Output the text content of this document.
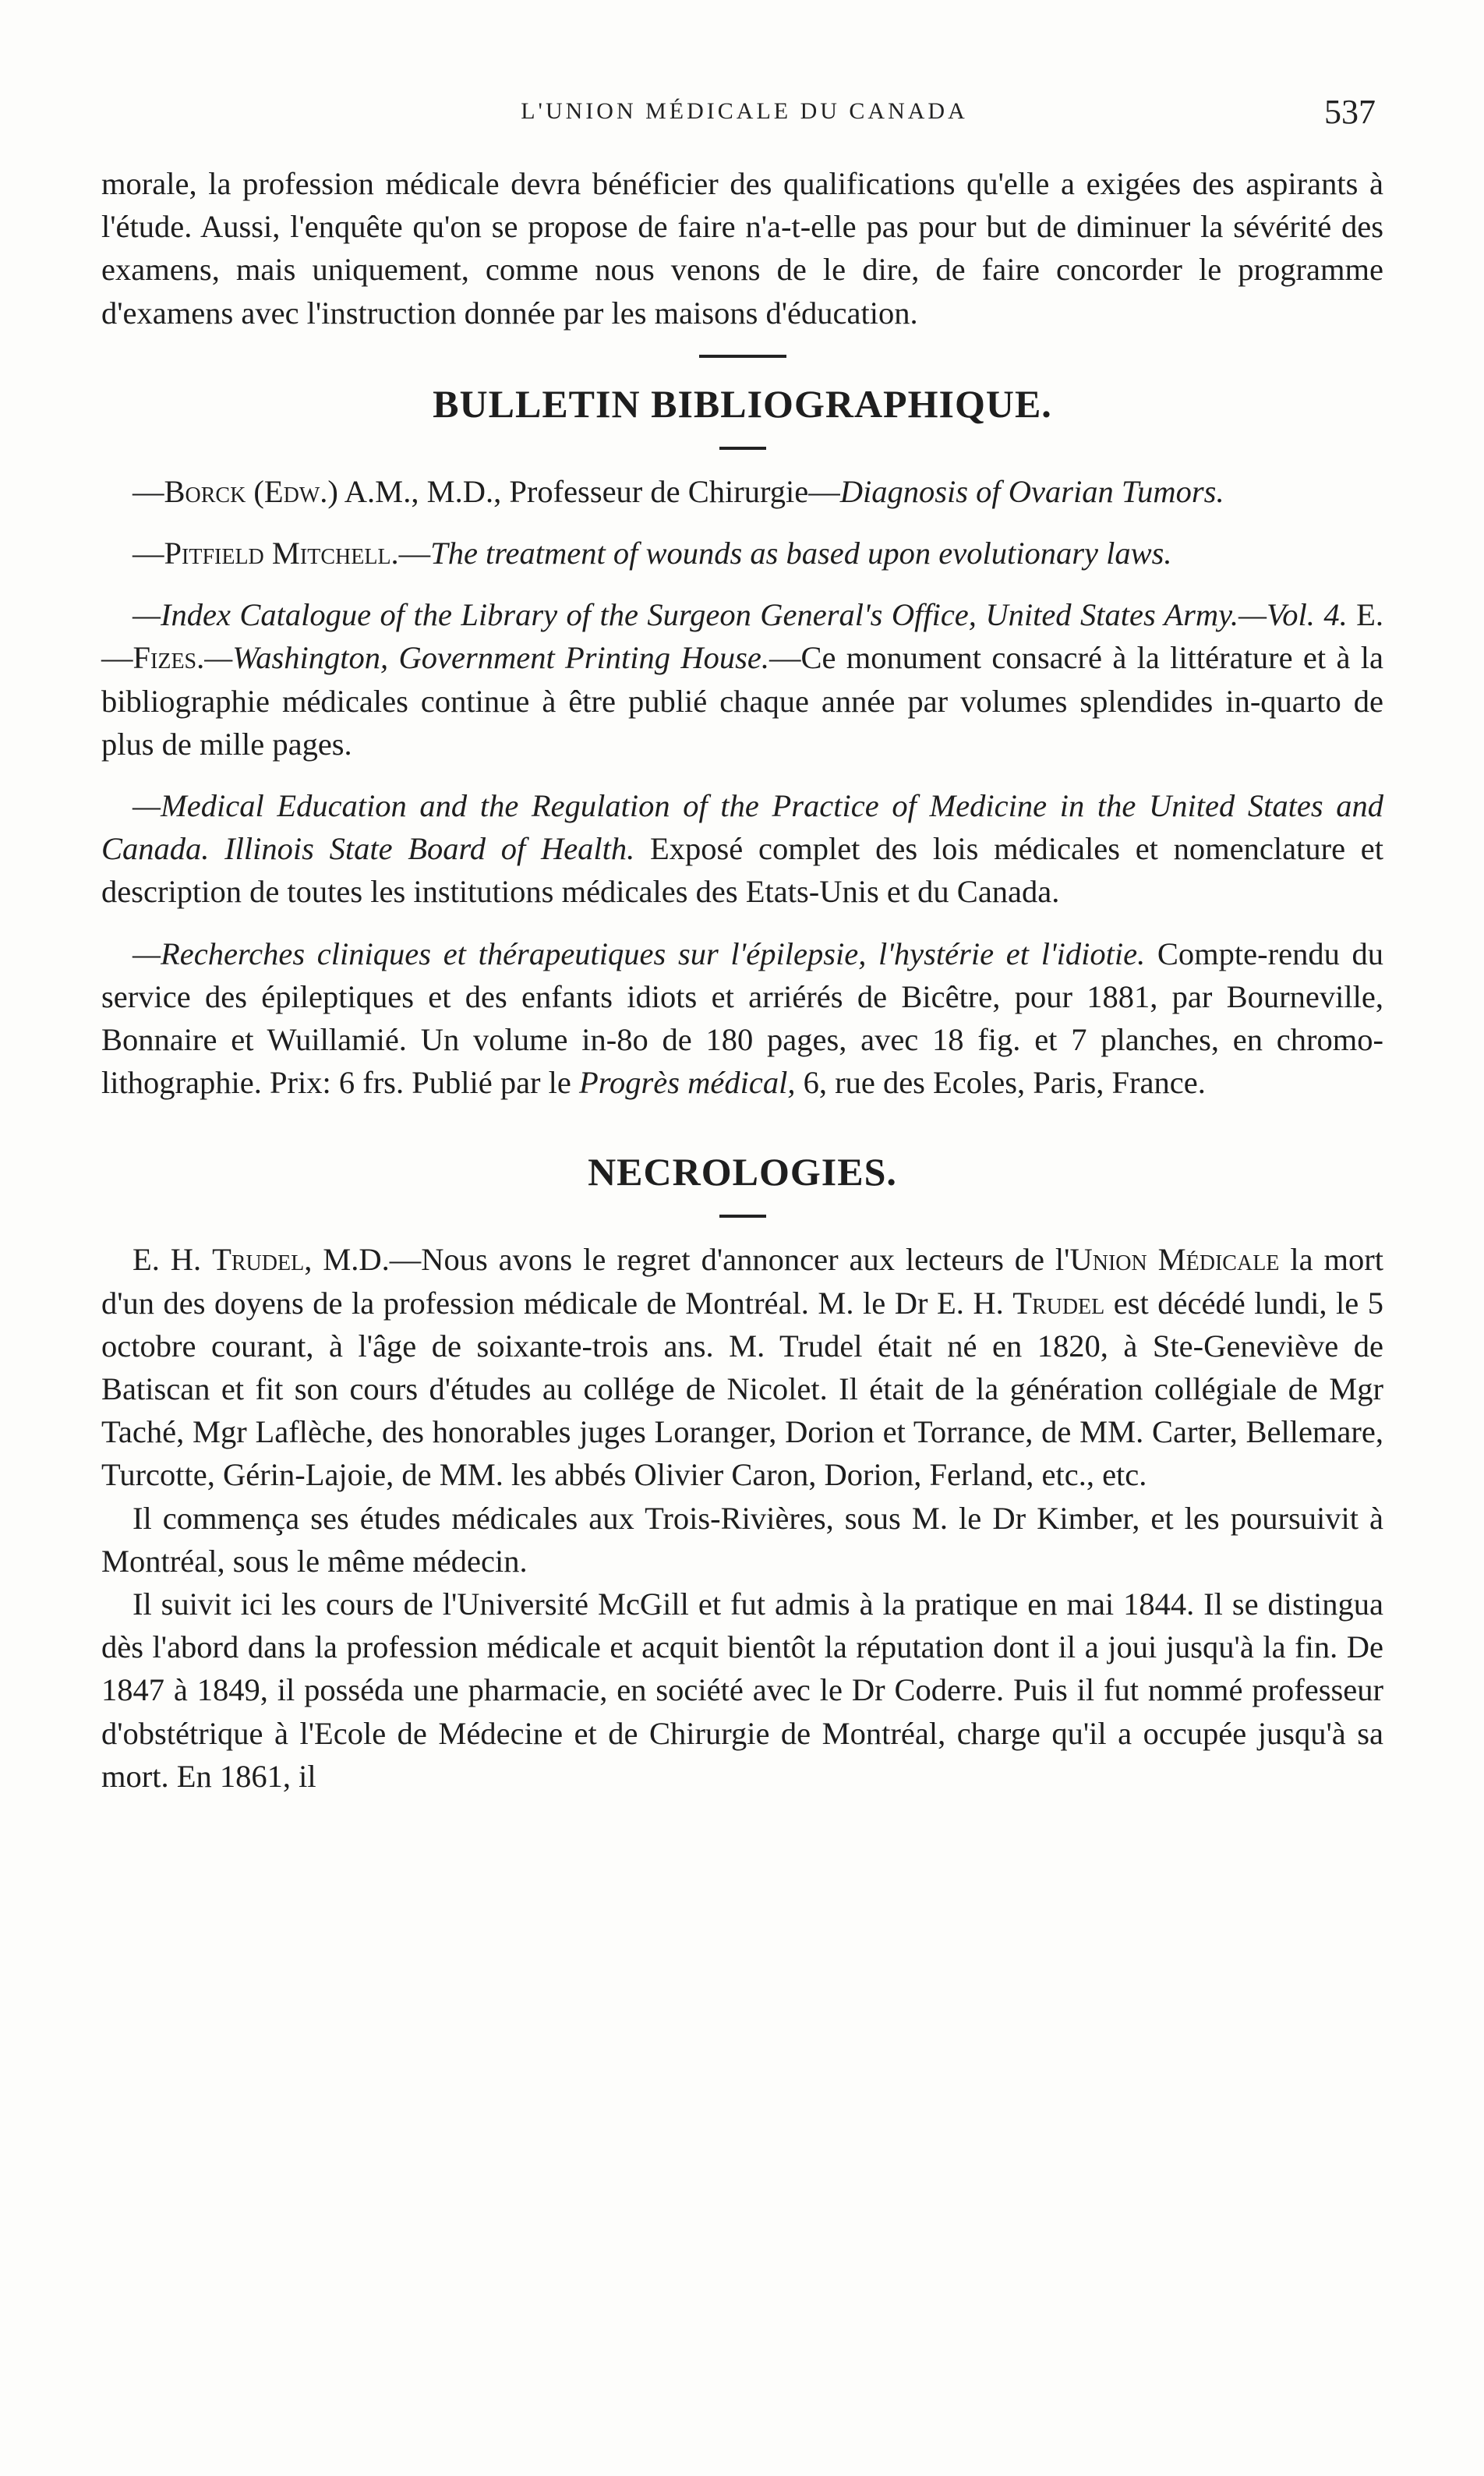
L'UNION MÉDICALE DU CANADA	537

morale, la profession médicale devra bénéficier des qualifications qu'elle a exigées des aspirants à l'étude. Aussi, l'enquête qu'on se propose de faire n'a-t-elle pas pour but de diminuer la sévérité des examens, mais uniquement, comme nous venons de le dire, de faire concorder le programme d'examens avec l'instruction donnée par les maisons d'éducation.

BULLETIN BIBLIOGRAPHIQUE.

—Borck (Edw.) A.M., M.D., Professeur de Chirurgie—Diagnosis of Ovarian Tumors.

—Pitfield Mitchell.—The treatment of wounds as based upon evolutionary laws.

—Index Catalogue of the Library of the Surgeon General's Office, United States Army.—Vol. 4. E.—Fizes.—Washington, Government Printing House.—Ce monument consacré à la littérature et à la bibliographie médicales continue à être publié chaque année par volumes splendides in-quarto de plus de mille pages.

—Medical Education and the Regulation of the Practice of Medicine in the United States and Canada. Illinois State Board of Health. Exposé complet des lois médicales et nomenclature et description de toutes les institutions médicales des Etats-Unis et du Canada.

—Recherches cliniques et thérapeutiques sur l'épilepsie, l'hystérie et l'idiotie. Compte-rendu du service des épileptiques et des enfants idiots et arriérés de Bicêtre, pour 1881, par Bourneville, Bonnaire et Wuillamié. Un volume in-8o de 180 pages, avec 18 fig. et 7 planches, en chromo-lithographie. Prix: 6 frs. Publié par le Progrès médical, 6, rue des Ecoles, Paris, France.

NECROLOGIES.

E. H. Trudel, M.D.—Nous avons le regret d'annoncer aux lecteurs de l'Union Médicale la mort d'un des doyens de la profession médicale de Montréal. M. le Dr E. H. Trudel est décédé lundi, le 5 octobre courant, à l'âge de soixante-trois ans. M. Trudel était né en 1820, à Ste-Geneviève de Batiscan et fit son cours d'études au collége de Nicolet. Il était de la génération collégiale de Mgr Taché, Mgr Laflèche, des honorables juges Loranger, Dorion et Torrance, de MM. Carter, Bellemare, Turcotte, Gérin-Lajoie, de MM. les abbés Olivier Caron, Dorion, Ferland, etc., etc.

Il commença ses études médicales aux Trois-Rivières, sous M. le Dr Kimber, et les poursuivit à Montréal, sous le même médecin.

Il suivit ici les cours de l'Université McGill et fut admis à la pratique en mai 1844. Il se distingua dès l'abord dans la profession médicale et acquit bientôt la réputation dont il a joui jusqu'à la fin. De 1847 à 1849, il posséda une pharmacie, en société avec le Dr Coderre. Puis il fut nommé professeur d'obstétrique à l'Ecole de Médecine et de Chirurgie de Montréal, charge qu'il a occupée jusqu'à sa mort. En 1861, il
